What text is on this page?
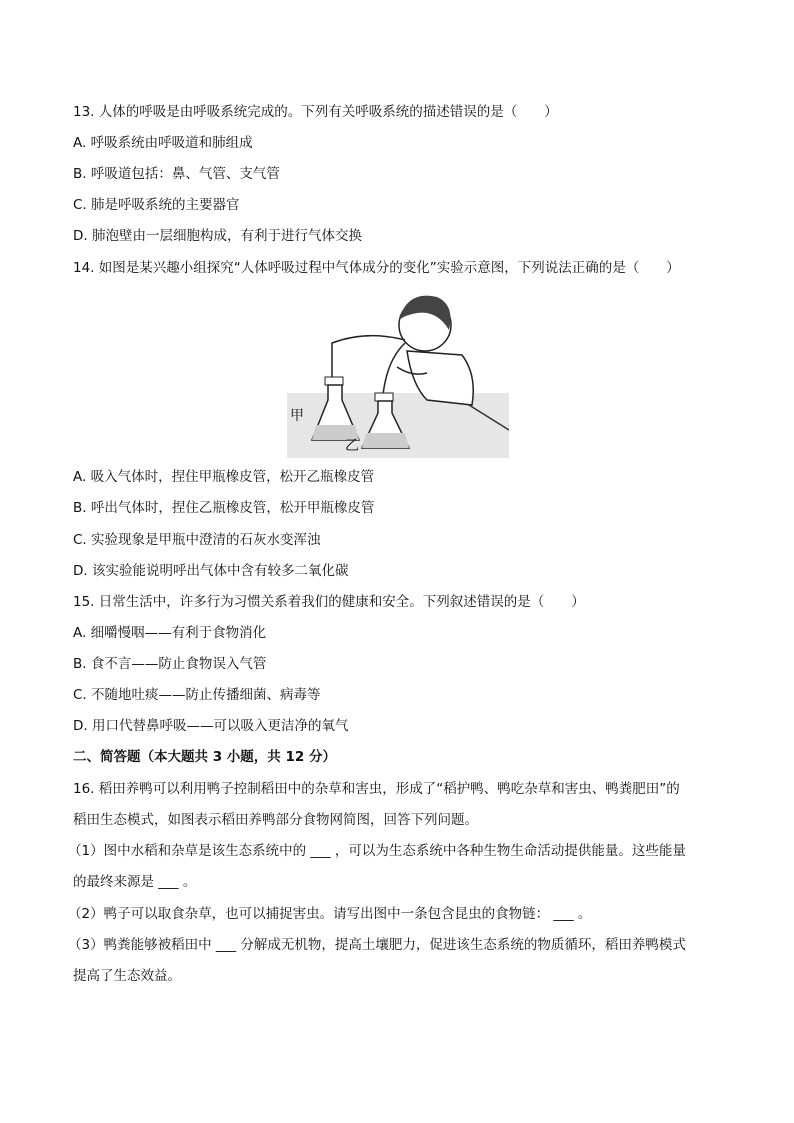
13. 人体的呼吸是由呼吸系统完成的。下列有关呼吸系统的描述错误的是（　　）
A. 呼吸系统由呼吸道和肺组成
B. 呼吸道包括：鼻、气管、支气管
C. 肺是呼吸系统的主要器官
D. 肺泡壁由一层细胞构成，有利于进行气体交换
14. 如图是某兴趣小组探究“人体呼吸过程中气体成分的变化”实验示意图，下列说法正确的是（　　）
甲
乙
A. 吸入气体时，捏住甲瓶橡皮管，松开乙瓶橡皮管
B. 呼出气体时，捏住乙瓶橡皮管，松开甲瓶橡皮管
C. 实验现象是甲瓶中澄清的石灰水变浑浊
D. 该实验能说明呼出气体中含有较多二氧化碳
15. 日常生活中，许多行为习惯关系着我们的健康和安全。下列叙述错误的是（　　）
A. 细嚼慢咽——有利于食物消化
B. 食不言——防止食物误入气管
C. 不随地吐痰——防止传播细菌、病毒等
D. 用口代替鼻呼吸——可以吸入更洁净的氧气
二、简答题（本大题共 3 小题，共 12 分）
16. 稻田养鸭可以利用鸭子控制稻田中的杂草和害虫，形成了“稻护鸭、鸭吃杂草和害虫、鸭粪肥田”的
稻田生态模式，如图表示稻田养鸭部分食物网简图，回答下列问题。
（1）图中水稻和杂草是该生态系统中的 ___ ，可以为生态系统中各种生物生命活动提供能量。这些能量
的最终来源是 ___ 。
（2）鸭子可以取食杂草，也可以捕捉害虫。请写出图中一条包含昆虫的食物链： ___ 。
（3）鸭粪能够被稻田中 ___ 分解成无机物，提高土壤肥力，促进该生态系统的物质循环，稻田养鸭模式
提高了生态效益。
